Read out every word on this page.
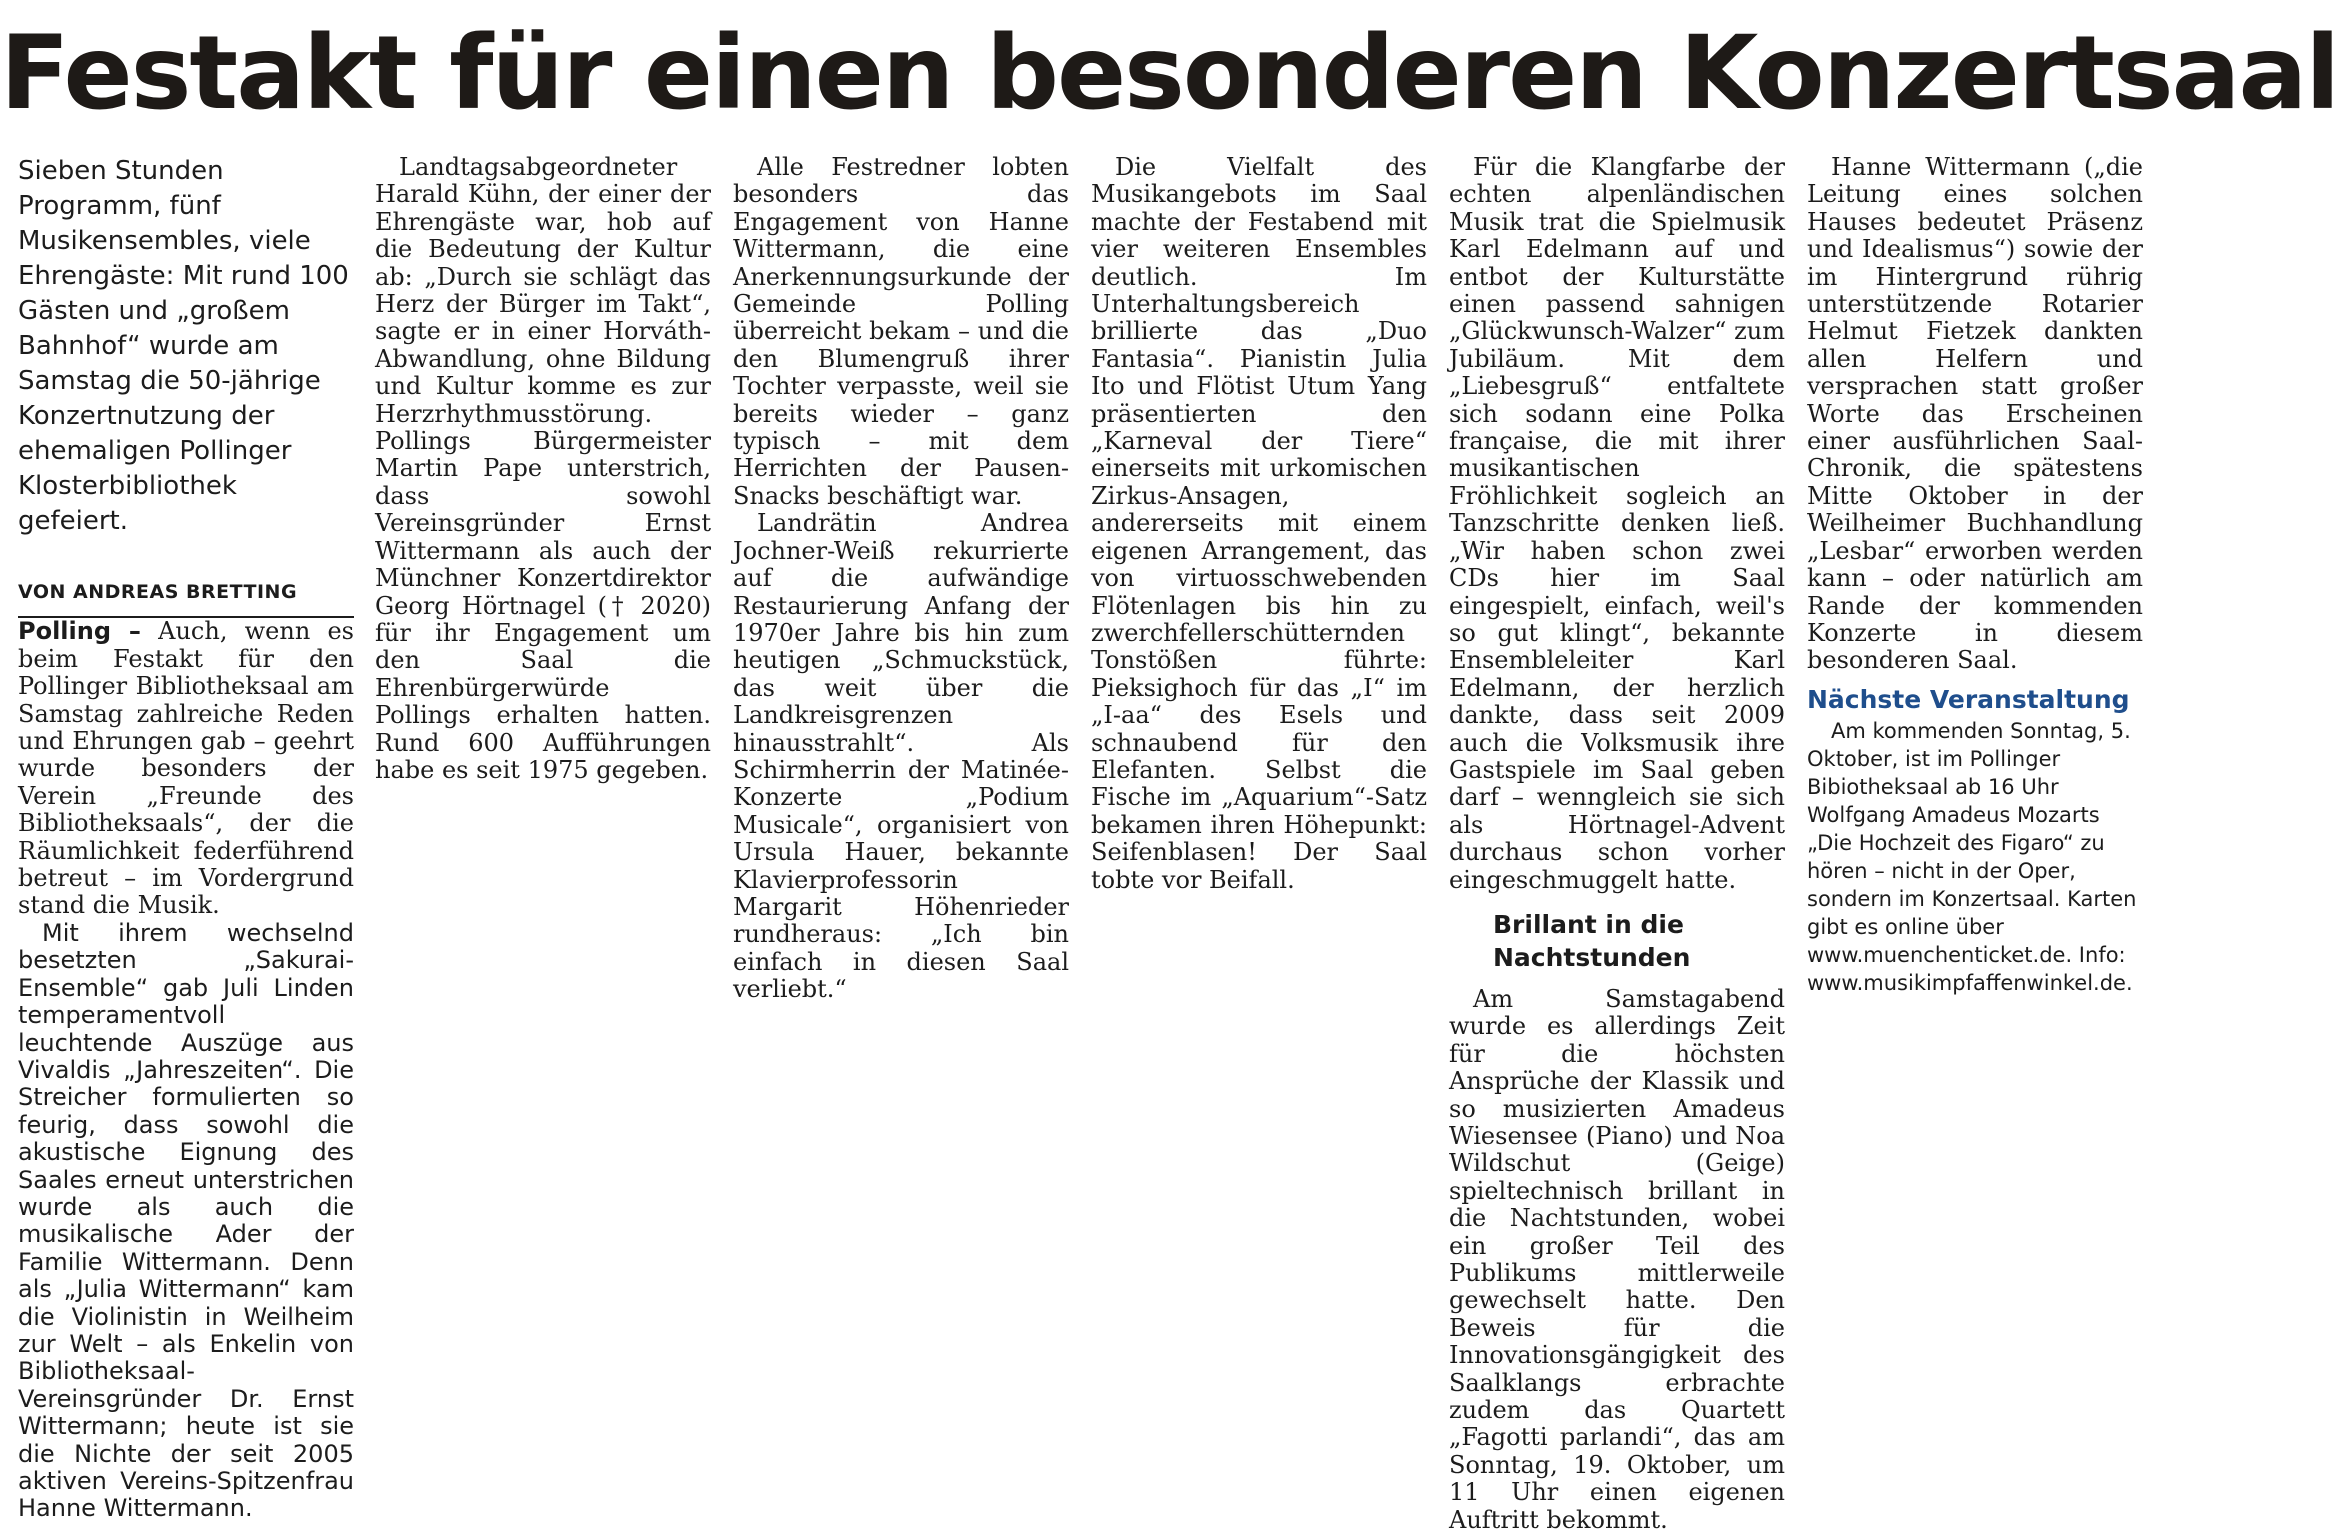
Festakt für einen besonderen Konzertsaal

Sieben Stunden Programm, fünf Musikensembles, viele Ehrengäste: Mit rund 100 Gästen und „großem Bahnhof“ wurde am Samstag die 50-jährige Konzertnutzung der ehemaligen Pollinger Klosterbibliothek gefeiert.

VON ANDREAS BRETTING

Polling – Auch, wenn es beim Festakt für den Pollinger Bibliotheksaal am Samstag zahlreiche Reden und Ehrungen gab – geehrt wurde besonders der Verein „Freunde des Bibliotheksaals“, der die Räumlichkeit federführend betreut – im Vordergrund stand die Musik.

Mit ihrem wechselnd besetzten „Sakurai-Ensemble“ gab Juli Linden temperamentvoll leuchtende Auszüge aus Vivaldis „Jahreszeiten“. Die Streicher formulierten so feurig, dass sowohl die akustische Eignung des Saales erneut unterstrichen wurde als auch die musikalische Ader der Familie Wittermann. Denn als „Julia Wittermann“ kam die Violinistin in Weilheim zur Welt – als Enkelin von Bibliotheksaal-Vereinsgründer Dr. Ernst Wittermann; heute ist sie die Nichte der seit 2005 aktiven Vereins-Spitzenfrau Hanne Wittermann.

Landtagsabgeordneter Harald Kühn, der einer der Ehrengäste war, hob auf die Bedeutung der Kultur ab: „Durch sie schlägt das Herz der Bürger im Takt“, sagte er in einer Horváth-Abwandlung, ohne Bildung und Kultur komme es zur Herzrhythmusstörung. Pollings Bürgermeister Martin Pape unterstrich, dass sowohl Vereinsgründer Ernst Wittermann als auch der Münchner Konzertdirektor Georg Hörtnagel († 2020) für ihr Engagement um den Saal die Ehrenbürgerwürde Pollings erhalten hatten. Rund 600 Aufführungen habe es seit 1975 gegeben.

Alle Festredner lobten besonders das Engagement von Hanne Wittermann, die eine Anerkennungsurkunde der Gemeinde Polling überreicht bekam – und die den Blumengruß ihrer Tochter verpasste, weil sie bereits wieder – ganz typisch – mit dem Herrichten der Pausen-Snacks beschäftigt war.

Landrätin Andrea Jochner-Weiß rekurrierte auf die aufwändige Restaurierung Anfang der 1970er Jahre bis hin zum heutigen „Schmuckstück, das weit über die Landkreisgrenzen hinausstrahlt“. Als Schirmherrin der Matinée-Konzerte „Podium Musicale“, organisiert von Ursula Hauer, bekannte Klavierprofessorin Margarit Höhenrieder rundheraus: „Ich bin einfach in diesen Saal verliebt.“

Die Vielfalt des Musikangebots im Saal machte der Festabend mit vier weiteren Ensembles deutlich. Im Unterhaltungsbereich brillierte das „Duo Fantasia“. Pianistin Julia Ito und Flötist Utum Yang präsentierten den „Karneval der Tiere“ einerseits mit urkomischen Zirkus-Ansagen, andererseits mit einem eigenen Arrangement, das von virtuosschwebenden Flötenlagen bis hin zu zwerchfellerschütternden Tonstößen führte: Pieksighoch für das „I“ im „I-aa“ des Esels und schnaubend für den Elefanten. Selbst die Fische im „Aquarium“-Satz bekamen ihren Höhepunkt: Seifenblasen! Der Saal tobte vor Beifall.

Für die Klangfarbe der echten alpenländischen Musik trat die Spielmusik Karl Edelmann auf und entbot der Kulturstätte einen passend sahnigen „Glückwunsch-Walzer“ zum Jubiläum. Mit dem „Liebesgruß“ entfaltete sich sodann eine Polka française, die mit ihrer musikantischen Fröhlichkeit sogleich an Tanzschritte denken ließ. „Wir haben schon zwei CDs hier im Saal eingespielt, einfach, weil's so gut klingt“, bekannte Ensembleleiter Karl Edelmann, der herzlich dankte, dass seit 2009 auch die Volksmusik ihre Gastspiele im Saal geben darf – wenngleich sie sich als Hörtnagel-Advent durchaus schon vorher eingeschmuggelt hatte.

Brillant in die Nachtstunden

Am Samstagabend wurde es allerdings Zeit für die höchsten Ansprüche der Klassik und so musizierten Amadeus Wiesensee (Piano) und Noa Wildschut (Geige) spieltechnisch brillant in die Nachtstunden, wobei ein großer Teil des Publikums mittlerweile gewechselt hatte. Den Beweis für die Innovationsgängigkeit des Saalklangs erbrachte zudem das Quartett „Fagotti parlandi“, das am Sonntag, 19. Oktober, um 11 Uhr einen eigenen Auftritt bekommt.

Hanne Wittermann („die Leitung eines solchen Hauses bedeutet Präsenz und Idealismus“) sowie der im Hintergrund rührig unterstützende Rotarier Helmut Fietzek dankten allen Helfern und versprachen statt großer Worte das Erscheinen einer ausführlichen Saal-Chronik, die spätestens Mitte Oktober in der Weilheimer Buchhandlung „Lesbar“ erworben werden kann – oder natürlich am Rande der kommenden Konzerte in diesem besonderen Saal.

Nächste Veranstaltung

Am kommenden Sonntag, 5. Oktober, ist im Pollinger Bibiotheksaal ab 16 Uhr Wolfgang Amadeus Mozarts „Die Hochzeit des Figaro“ zu hören – nicht in der Oper, sondern im Konzertsaal. Karten gibt es online über www.muenchenticket.de. Info: www.musikimpfaffenwinkel.de.
